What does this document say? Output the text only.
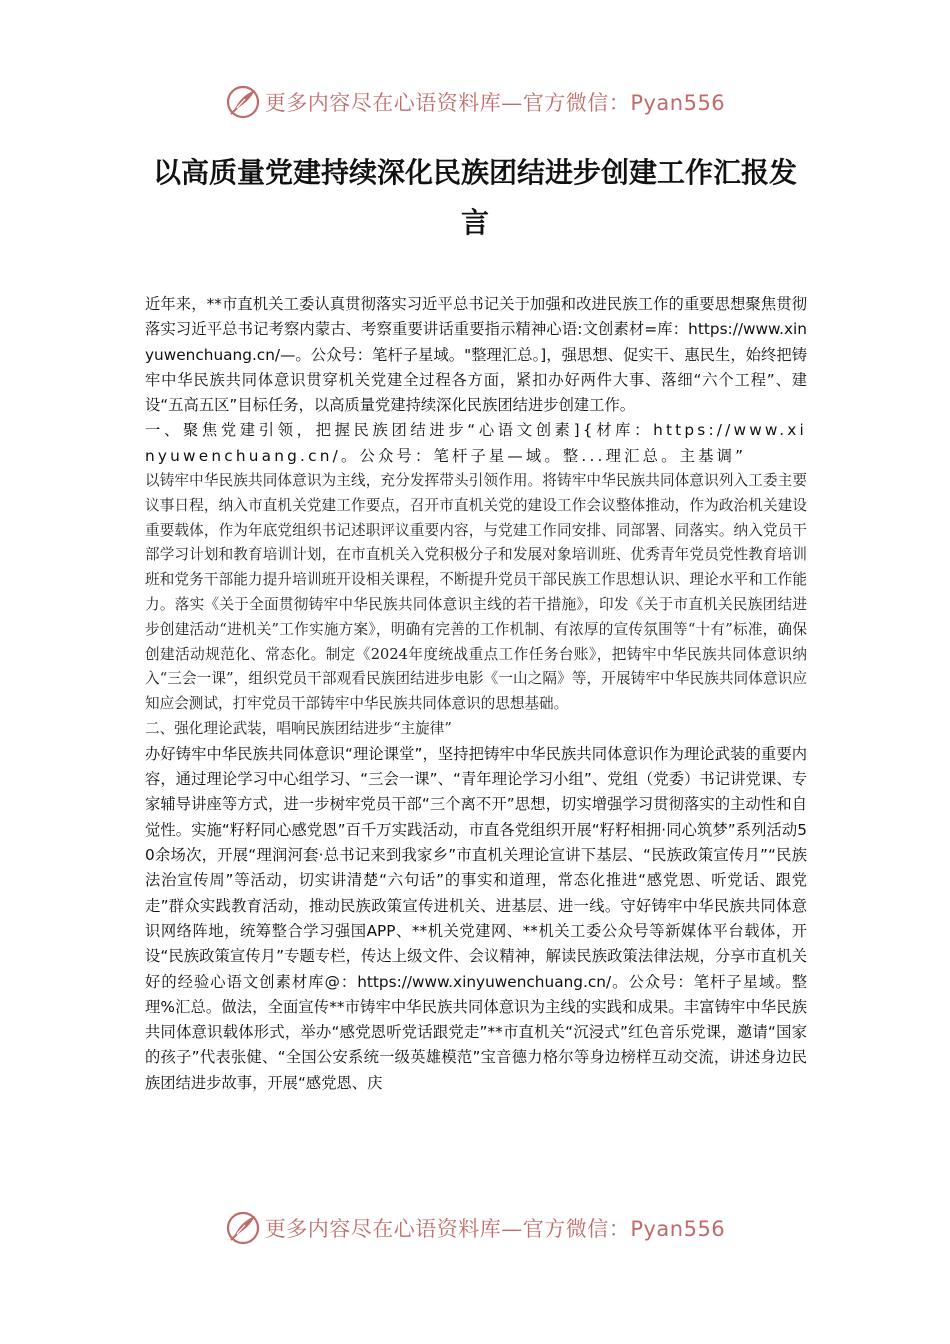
更多内容尽在心语资料库—官方微信：Pyan556
以高质量党建持续深化民族团结进步创建工作汇报发言

近年来，**市直机关工委认真贯彻落实习近平总书记关于加强和改进民族工作的重要思想聚焦贯彻落实习近平总书记考察内蒙古、考察重要讲话重要指示精神心语:文创素材=库：https://www.xinyuwenchuang.cn/—。公众号：笔杆子星域。"整理汇总。]，强思想、促实干、惠民生，始终把铸牢中华民族共同体意识贯穿机关党建全过程各方面，紧扣办好两件大事、落细“六个工程”、建设“五高五区”目标任务，以高质量党建持续深化民族团结进步创建工作。

一、聚焦党建引领，把握民族团结进步“心语文创素]{材库：https://www.xinyuwenchuang.cn/。公众号：笔杆子星—域。整...理汇总。主基调”

以铸牢中华民族共同体意识为主线，充分发挥带头引领作用。将铸牢中华民族共同体意识列入工委主要议事日程，纳入市直机关党建工作要点，召开市直机关党的建设工作会议整体推动，作为政治机关建设重要载体，作为年底党组织书记述职评议重要内容，与党建工作同安排、同部署、同落实。纳入党员干部学习计划和教育培训计划，在市直机关入党积极分子和发展对象培训班、优秀青年党员党性教育培训班和党务干部能力提升培训班开设相关课程，不断提升党员干部民族工作思想认识、理论水平和工作能力。落实《关于全面贯彻铸牢中华民族共同体意识主线的若干措施》，印发《关于市直机关民族团结进步创建活动“进机关”工作实施方案》，明确有完善的工作机制、有浓厚的宣传氛围等“十有”标准，确保创建活动规范化、常态化。制定《2024年度统战重点工作任务台账》，把铸牢中华民族共同体意识纳入“三会一课”，组织党员干部观看民族团结进步电影《一山之隔》等，开展铸牢中华民族共同体意识应知应会测试，打牢党员干部铸牢中华民族共同体意识的思想基础。

二、强化理论武装，唱响民族团结进步“主旋律”

办好铸牢中华民族共同体意识“理论课堂”，坚持把铸牢中华民族共同体意识作为理论武装的重要内容，通过理论学习中心组学习、“三会一课”、“青年理论学习小组”、党组（党委）书记讲党课、专家辅导讲座等方式，进一步树牢党员干部“三个离不开”思想，切实增强学习贯彻落实的主动性和自觉性。实施“籽籽同心感党恩”百千万实践活动，市直各党组织开展“籽籽相拥·同心筑梦”系列活动50余场次，开展“理润河套·总书记来到我家乡”市直机关理论宣讲下基层、“民族政策宣传月”“民族法治宣传周”等活动，切实讲清楚“六句话”的事实和道理，常态化推进“感党恩、听党话、跟党走”群众实践教育活动，推动民族政策宣传进机关、进基层、进一线。守好铸牢中华民族共同体意识网络阵地，统筹整合学习强国APP、**机关党建网、**机关工委公众号等新媒体平台载体，开设“民族政策宣传月”专题专栏，传达上级文件、会议精神，解读民族政策法律法规，分享市直机关好的经验心语文创素材库@：https://www.xinyuwenchuang.cn/。公众号：笔杆子星域。整理%汇总。做法，全面宣传**市铸牢中华民族共同体意识为主线的实践和成果。丰富铸牢中华民族共同体意识载体形式，举办“感党恩听党话跟党走”**市直机关“沉浸式”红色音乐党课，邀请“国家的孩子”代表张健、“全国公安系统一级英雄模范”宝音德力格尔等身边榜样互动交流，讲述身边民族团结进步故事，开展“感党恩、庆

更多内容尽在心语资料库—官方微信：Pyan556
